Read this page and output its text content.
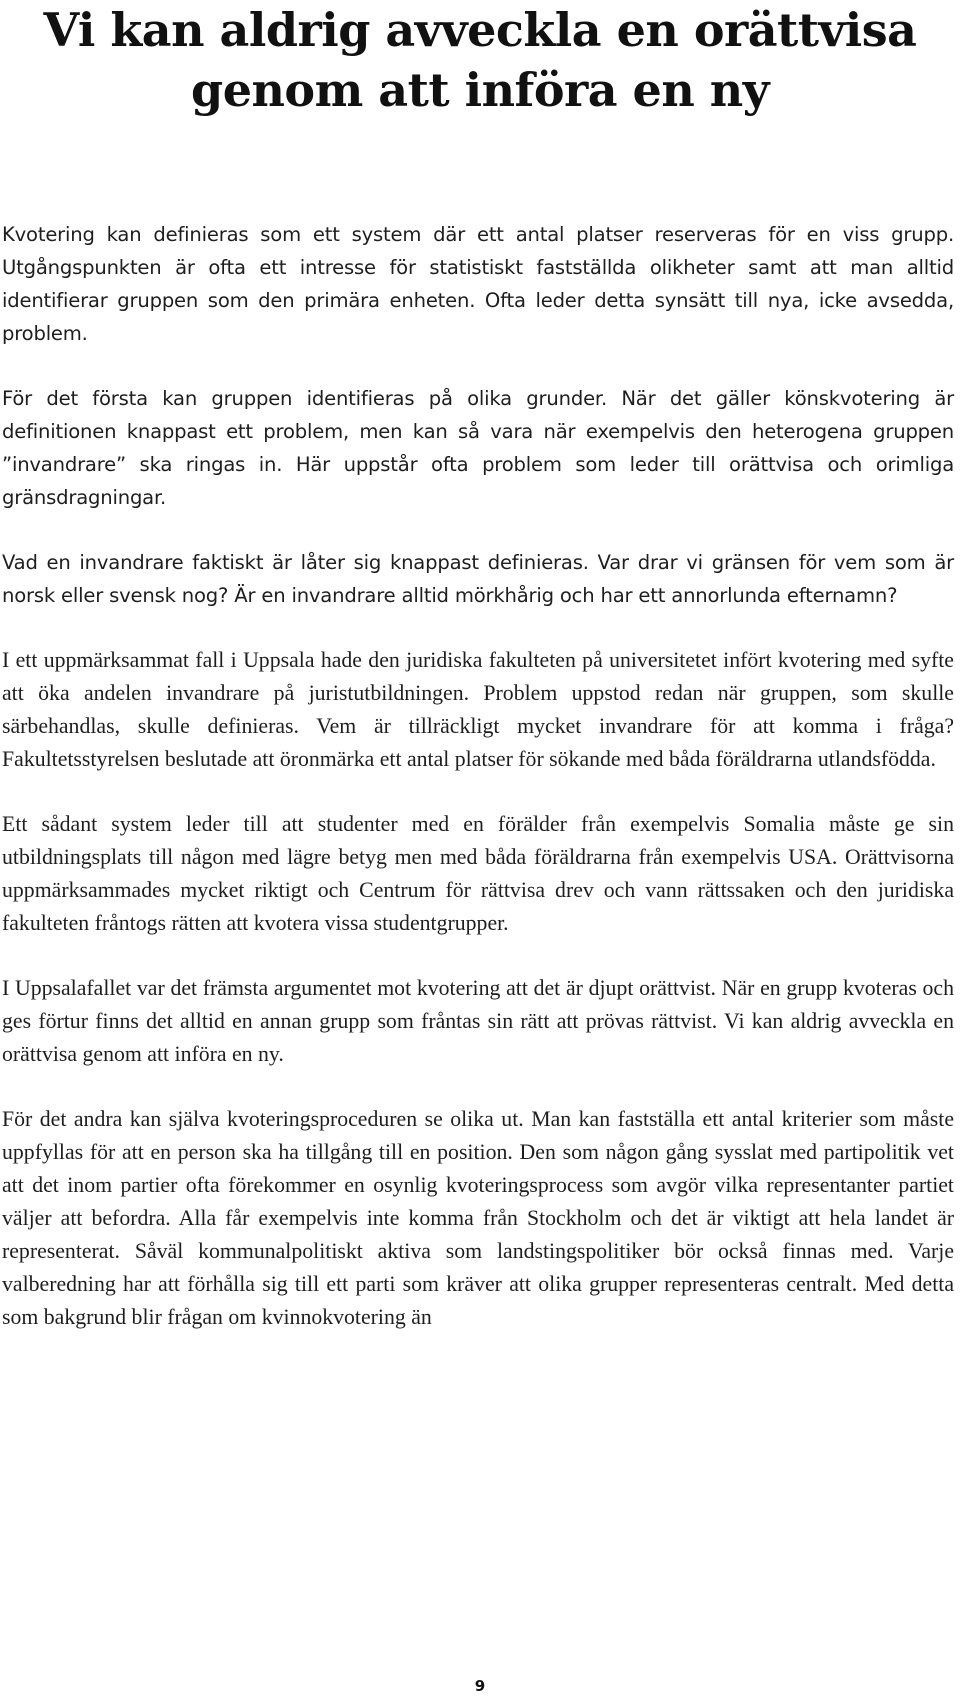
Vi kan aldrig avveckla en orättvisa genom att införa en ny

Kvotering kan definieras som ett system där ett antal platser reserveras för en viss grupp. Utgångspunkten är ofta ett intresse för statistiskt fastställda olikheter samt att man alltid identifierar gruppen som den primära enheten. Ofta leder detta synsätt till nya, icke avsedda, problem.

För det första kan gruppen identifieras på olika grunder. När det gäller könskvotering är definitionen knappast ett problem, men kan så vara när exempelvis den heterogena gruppen ”invandrare” ska ringas in. Här uppstår ofta problem som leder till orättvisa och orimliga gränsdragningar.

Vad en invandrare faktiskt är låter sig knappast definieras. Var drar vi gränsen för vem som är norsk eller svensk nog? Är en invandrare alltid mörkhårig och har ett annorlunda efternamn?

I ett uppmärksammat fall i Uppsala hade den juridiska fakulteten på universitetet infört kvotering med syfte att öka andelen invandrare på juristutbildningen. Problem uppstod redan när gruppen, som skulle särbehandlas, skulle definieras. Vem är tillräckligt mycket invandrare för att komma i fråga? Fakultetsstyrelsen beslutade att öronmärka ett antal platser för sökande med båda föräldrarna utlandsfödda.

Ett sådant system leder till att studenter med en förälder från exempelvis Somalia måste ge sin utbildningsplats till någon med lägre betyg men med båda föräldrarna från exempelvis USA. Orättvisorna uppmärksammades mycket riktigt och Centrum för rättvisa drev och vann rättssaken och den juridiska fakulteten fråntogs rätten att kvotera vissa studentgrupper.

I Uppsalafallet var det främsta argumentet mot kvotering att det är djupt orättvist. När en grupp kvoteras och ges förtur finns det alltid en annan grupp som fråntas sin rätt att prövas rättvist. Vi kan aldrig avveckla en orättvisa genom att införa en ny.

För det andra kan själva kvoteringsproceduren se olika ut. Man kan fastställa ett antal kriterier som måste uppfyllas för att en person ska ha tillgång till en position. Den som någon gång sysslat med partipolitik vet att det inom partier ofta förekommer en osynlig kvoteringsprocess som avgör vilka representanter partiet väljer att befordra. Alla får exempelvis inte komma från Stockholm och det är viktigt att hela landet är representerat. Såväl kommunalpolitiskt aktiva som landstingspolitiker bör också finnas med. Varje valberedning har att förhålla sig till ett parti som kräver att olika grupper representeras centralt. Med detta som bakgrund blir frågan om kvinnokvotering än

9
